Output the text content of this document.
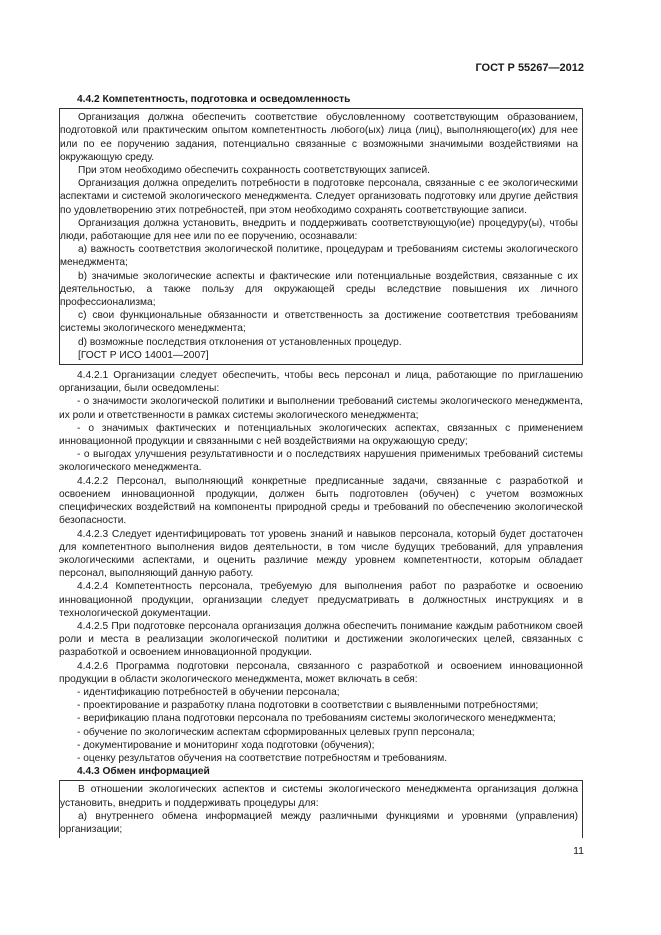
ГОСТ Р 55267—2012
4.4.2 Компетентность, подготовка и осведомленность

Организация должна обеспечить соответствие обусловленному соответствующим образованием, подготовкой или практическим опытом компетентность любого(ых) лица (лиц), выполняющего(их) для нее или по ее поручению задания, потенциально связанные с возможными значимыми воздействиями на окружающую среду.

При этом необходимо обеспечить сохранность соответствующих записей.

Организация должна определить потребности в подготовке персонала, связанные с ее экологическими аспектами и системой экологического менеджмента. Следует организовать подготовку или другие действия по удовлетворению этих потребностей, при этом необходимо сохранять соответствующие записи.

Организация должна установить, внедрить и поддерживать соответствующую(ие) процедуру(ы), чтобы люди, работающие для нее или по ее поручению, осознавали:

а) важность соответствия экологической политике, процедурам и требованиям системы экологического менеджмента;

b) значимые экологические аспекты и фактические или потенциальные воздействия, связанные с их деятельностью, а также пользу для окружающей среды вследствие повышения их личного профессионализма;

с) свои функциональные обязанности и ответственность за достижение соответствия требованиям системы экологического менеджмента;

d) возможные последствия отклонения от установленных процедур.

[ГОСТ Р ИСО 14001—2007]

4.4.2.1 Организации следует обеспечить, чтобы весь персонал и лица, работающие по приглашению организации, были осведомлены:

- о значимости экологической политики и выполнении требований системы экологического менеджмента, их роли и ответственности в рамках системы экологического менеджмента;

- о значимых фактических и потенциальных экологических аспектах, связанных с применением инновационной продукции и связанными с ней воздействиями на окружающую среду;

- о выгодах улучшения результативности и о последствиях нарушения применимых требований системы экологического менеджмента.

4.4.2.2 Персонал, выполняющий конкретные предписанные задачи, связанные с разработкой и освоением инновационной продукции, должен быть подготовлен (обучен) с учетом возможных специфических воздействий на компоненты природной среды и требований по обеспечению экологической безопасности.

4.4.2.3 Следует идентифицировать тот уровень знаний и навыков персонала, который будет достаточен для компетентного выполнения видов деятельности, в том числе будущих требований, для управления экологическими аспектами, и оценить различие между уровнем компетентности, которым обладает персонал, выполняющий данную работу.

4.4.2.4 Компетентность персонала, требуемую для выполнения работ по разработке и освоению инновационной продукции, организации следует предусматривать в должностных инструкциях и в технологической документации.

4.4.2.5 При подготовке персонала организация должна обеспечить понимание каждым работником своей роли и места в реализации экологической политики и достижении экологических целей, связанных с разработкой и освоением инновационной продукции.

4.4.2.6 Программа подготовки персонала, связанного с разработкой и освоением инновационной продукции в области экологического менеджмента, может включать в себя:

- идентификацию потребностей в обучении персонала;

- проектирование и разработку плана подготовки в соответствии с выявленными потребностями;

- верификацию плана подготовки персонала по требованиям системы экологического менеджмента;

- обучение по экологическим аспектам сформированных целевых групп персонала;

- документирование и мониторинг хода подготовки (обучения);

- оценку результатов обучения на соответствие потребностям и требованиям.

4.4.3 Обмен информацией

В отношении экологических аспектов и системы экологического менеджмента организация должна установить, внедрить и поддерживать процедуры для:

а) внутреннего обмена информацией между различными функциями и уровнями (управления) организации;

11
